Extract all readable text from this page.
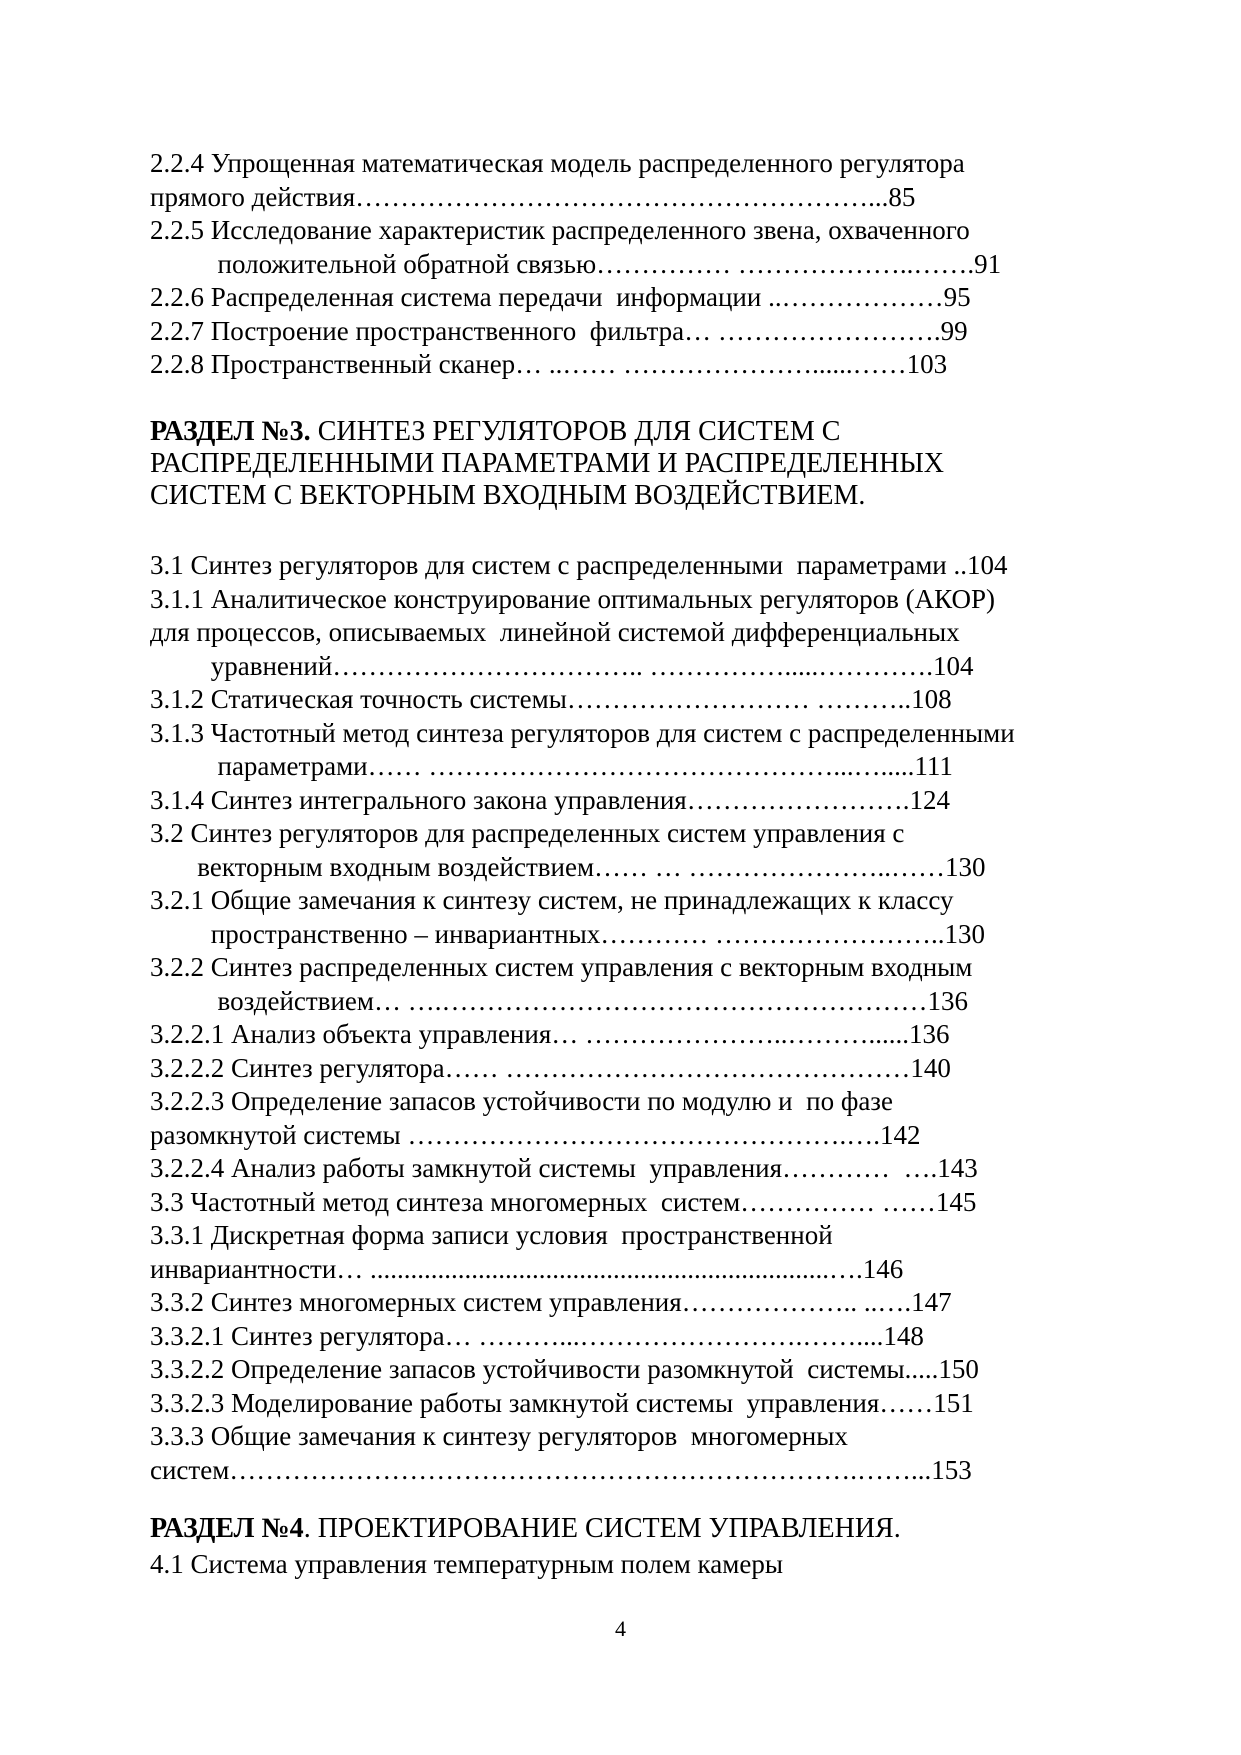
2.2.4 Упрощенная математическая модель распределенного регулятора
прямого действия…………………………………………………...85
2.2.5 Исследование характеристик распределенного звена, охваченного
положительной обратной связью…………… ………………..…….91
2.2.6 Распределенная система передачи  информации ..………………95
2.2.7 Построение пространственного  фильтра… …………………….99
2.2.8 Пространственный сканер… ..…… …………………......……103
РАЗДЕЛ №3. СИНТЕЗ РЕГУЛЯТОРОВ ДЛЯ СИСТЕМ С
РАСПРЕДЕЛЕННЫМИ ПАРАМЕТРАМИ И РАСПРЕДЕЛЕННЫХ
СИСТЕМ С ВЕКТОРНЫМ ВХОДНЫМ ВОЗДЕЙСТВИЕМ.
3.1 Синтез регуляторов для систем с распределенными  параметрами ..104
3.1.1 Аналитическое конструирование оптимальных регуляторов (АКОР)
для процессов, описываемых  линейной системой дифференциальных
уравнений…………………………….. …………….....………….104
3.1.2 Статическая точность системы……………………… ………..108
3.1.3 Частотный метод синтеза регуляторов для систем с распределенными
параметрами…… ………………………………………...….....111
3.1.4 Синтез интегрального закона управления…………………….124
3.2 Синтез регуляторов для распределенных систем управления с
векторным входным воздействием…… … …………………..……130
3.2.1 Общие замечания к синтезу систем, не принадлежащих к классу
пространственно – инвариантных………… ……………………..130
3.2.2 Синтез распределенных систем управления с векторным входным
воздействием… ….………………………………………………136
3.2.2.1 Анализ объекта управления… …………………..………......136
3.2.2.2 Синтез регулятора…… ………………………………………140
3.2.2.3 Определение запасов устойчивости по модулю и  по фазе
разомкнутой системы ………………………………………….….142
3.2.2.4 Анализ работы замкнутой системы  управления…………  ….143
3.3 Частотный метод синтеза многомерных  систем…………… ……145
3.3.1 Дискретная форма записи условия  пространственной
инвариантности… ....................................................................….146
3.3.2 Синтез многомерных систем управления……………….. ..….147
3.3.2.1 Синтез регулятора… ………...…………………….……....148
3.3.2.2 Определение запасов устойчивости разомкнутой  системы.....150
3.3.2.3 Моделирование работы замкнутой системы  управления……151
3.3.3 Общие замечания к синтезу регуляторов  многомерных
систем…………………………………………………………….……...153
РАЗДЕЛ №4. ПРОЕКТИРОВАНИЕ СИСТЕМ УПРАВЛЕНИЯ.
4.1 Система управления температурным полем камеры
4
